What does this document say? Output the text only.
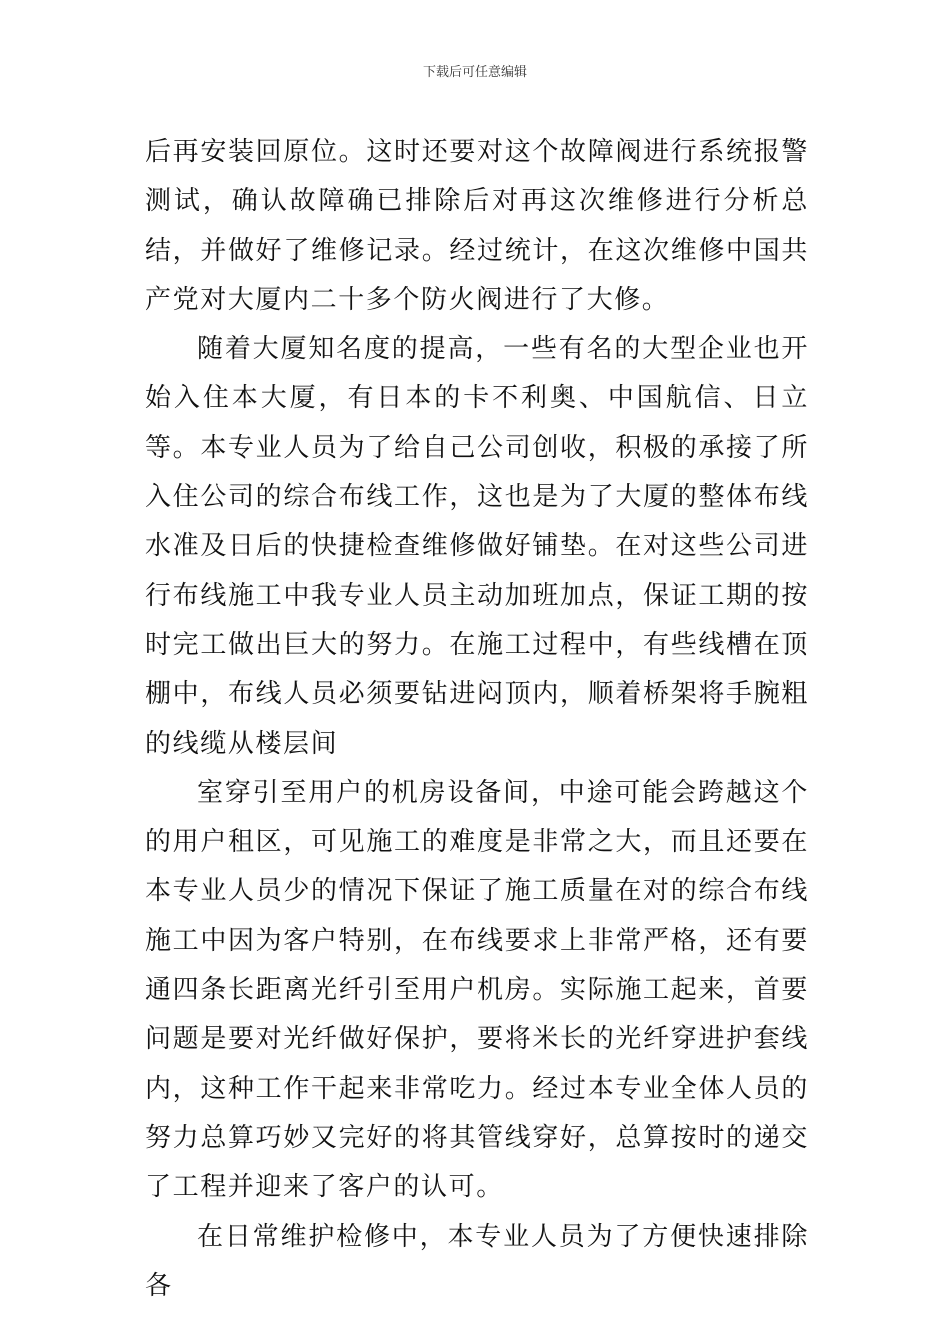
下载后可任意编辑

后再安装回原位。这时还要对这个故障阀进行系统报警测试，确认故障确已排除后对再这次维修进行分析总结，并做好了维修记录。经过统计，在这次维修中国共产党对大厦内二十多个防火阀进行了大修。

随着大厦知名度的提高，一些有名的大型企业也开始入住本大厦，有日本的卡不利奥、中国航信、日立等。本专业人员为了给自己公司创收，积极的承接了所入住公司的综合布线工作，这也是为了大厦的整体布线水准及日后的快捷检查维修做好铺垫。在对这些公司进行布线施工中我专业人员主动加班加点，保证工期的按时完工做出巨大的努力。在施工过程中，有些线槽在顶棚中，布线人员必须要钻进闷顶内，顺着桥架将手腕粗的线缆从楼层间

室穿引至用户的机房设备间，中途可能会跨越这个的用户租区，可见施工的难度是非常之大，而且还要在本专业人员少的情况下保证了施工质量在对的综合布线施工中因为客户特别，在布线要求上非常严格，还有要通四条长距离光纤引至用户机房。实际施工起来，首要问题是要对光纤做好保护，要将米长的光纤穿进护套线内，这种工作干起来非常吃力。经过本专业全体人员的努力总算巧妙又完好的将其管线穿好，总算按时的递交了工程并迎来了客户的认可。

在日常维护检修中，本专业人员为了方便快速排除各
